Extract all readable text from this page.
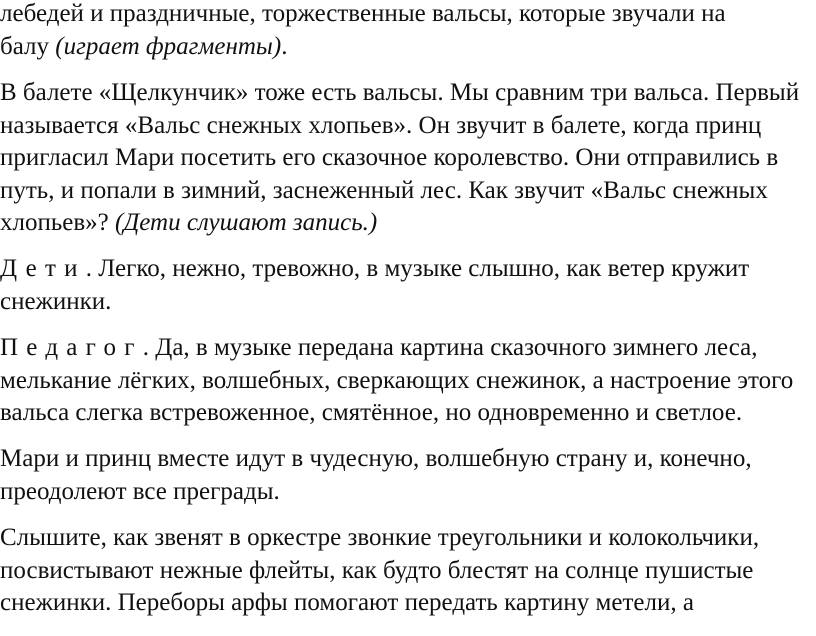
лебедей и праздничные, торжественные вальсы, которые звучали на
балу (играет фрагменты).

В балете «Щелкунчик» тоже есть вальсы. Мы сравним три вальса. Первый
называется «Вальс снежных хлопьев». Он звучит в балете, когда принц
пригласил Мари посетить его сказочное королевство. Они отправились в
путь, и попали в зимний, заснеженный лес. Как звучит «Вальс снежных
хлопьев»? (Дети слушают запись.)

Дети. Легко, нежно, тревожно, в музыке слышно, как ветер кружит
снежинки.

Педагог. Да, в музыке передана картина сказочного зимнего леса,
мелькание лёгких, волшебных, сверкающих снежинок, а настроение этого
вальса слегка встревоженное, смятённое, но одновременно и светлое.

Мари и принц вместе идут в чудесную, волшебную страну и, конечно,
преодолеют все преграды.

Слышите, как звенят в оркестре звонкие треугольники и колокольчики,
посвистывают нежные флейты, как будто блестят на солнце пушистые
снежинки. Переборы арфы помогают передать картину метели, а
